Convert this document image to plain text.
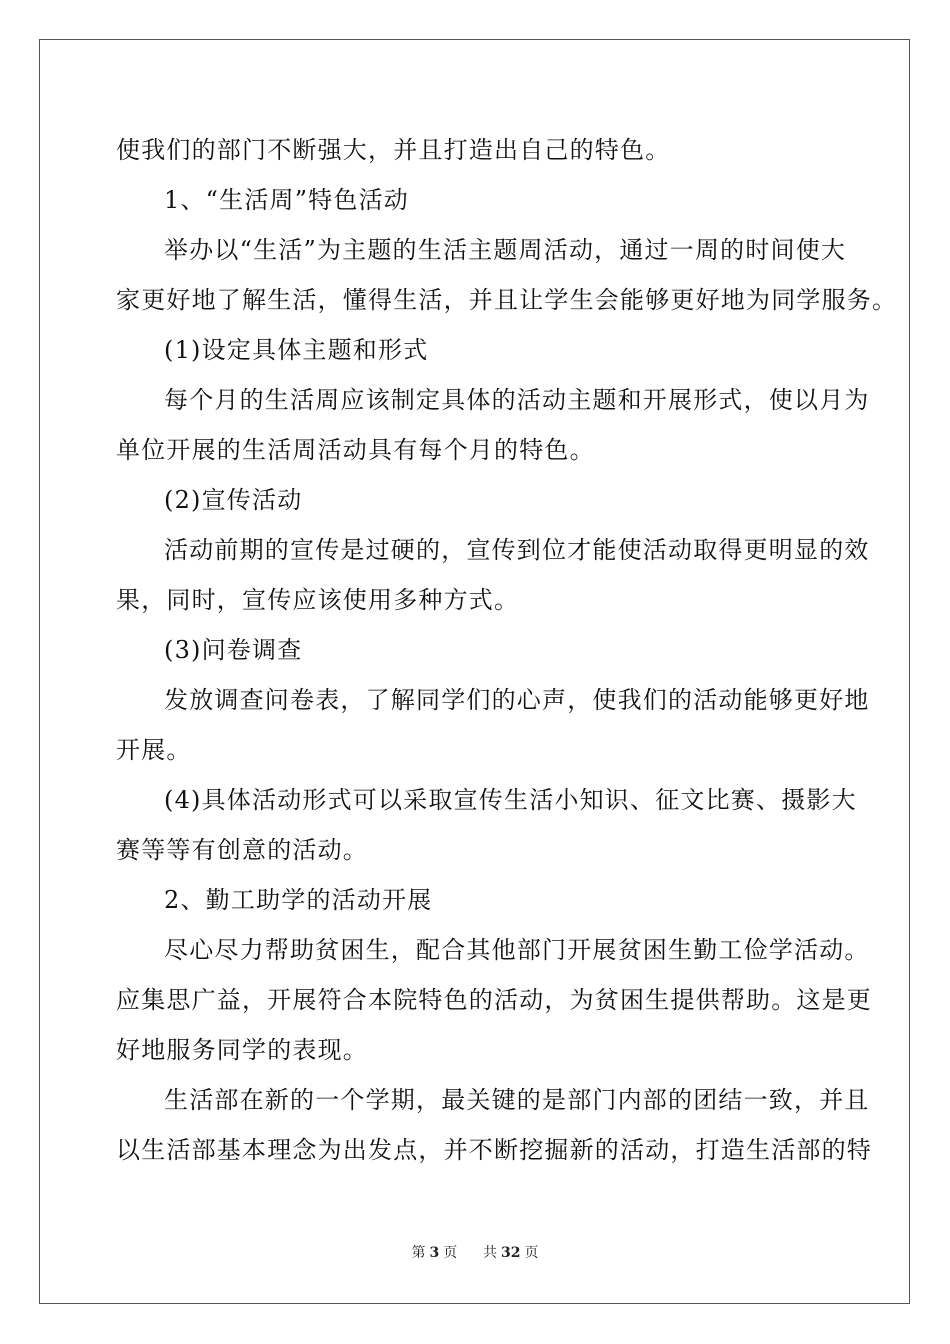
使我们的部门不断强大，并且打造出自己的特色。
1、“生活周”特色活动
举办以“生活”为主题的生活主题周活动，通过一周的时间使大
家更好地了解生活，懂得生活，并且让学生会能够更好地为同学服务。
(1)设定具体主题和形式
每个月的生活周应该制定具体的活动主题和开展形式，使以月为
单位开展的生活周活动具有每个月的特色。
(2)宣传活动
活动前期的宣传是过硬的，宣传到位才能使活动取得更明显的效
果，同时，宣传应该使用多种方式。
(3)问卷调查
发放调查问卷表，了解同学们的心声，使我们的活动能够更好地
开展。
(4)具体活动形式可以采取宣传生活小知识、征文比赛、摄影大
赛等等有创意的活动。
2、勤工助学的活动开展
尽心尽力帮助贫困生，配合其他部门开展贫困生勤工俭学活动。
应集思广益，开展符合本院特色的活动，为贫困生提供帮助。这是更
好地服务同学的表现。
生活部在新的一个学期，最关键的是部门内部的团结一致，并且
以生活部基本理念为出发点，并不断挖掘新的活动，打造生活部的特
第 3 页 共 32 页
